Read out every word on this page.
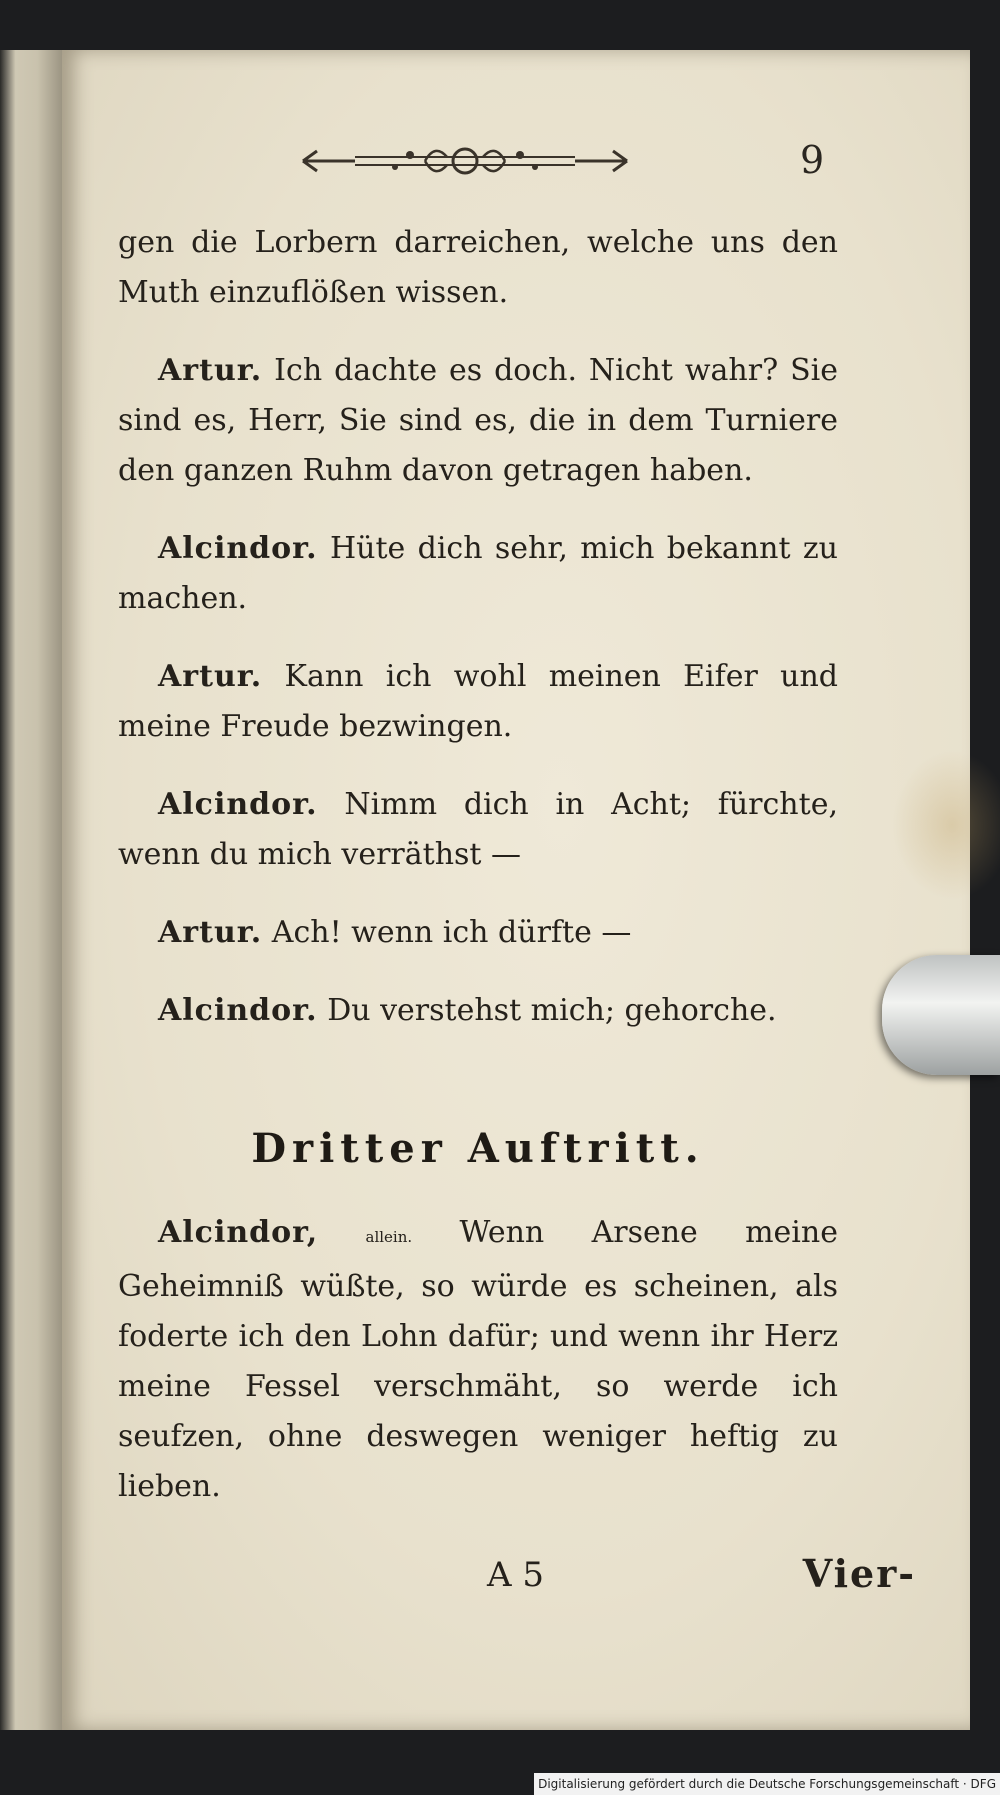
9

gen die Lorbern darreichen, welche uns den Muth einzuflößen wissen.

Artur. Ich dachte es doch. Nicht wahr? Sie sind es, Herr, Sie sind es, die in dem Turniere den ganzen Ruhm davon getragen haben.

Alcindor. Hüte dich sehr, mich bekannt zu machen.

Artur. Kann ich wohl meinen Eifer und meine Freude bezwingen.

Alcindor. Nimm dich in Acht; fürchte, wenn du mich verräthst —

Artur. Ach! wenn ich dürfte —

Alcindor. Du verstehst mich; gehorche.

Dritter Auftritt.

Alcindor,	allein. Wenn Arsene meine Geheimniß wüßte, so würde es scheinen, als foderte ich den Lohn dafür; und wenn ihr Herz meine Fessel verschmäht, so werde ich seufzen, ohne deswegen weniger heftig zu lieben.

A 5	Vier-
Digitalisierung gefördert durch die Deutsche Forschungsgemeinschaft · DFG
